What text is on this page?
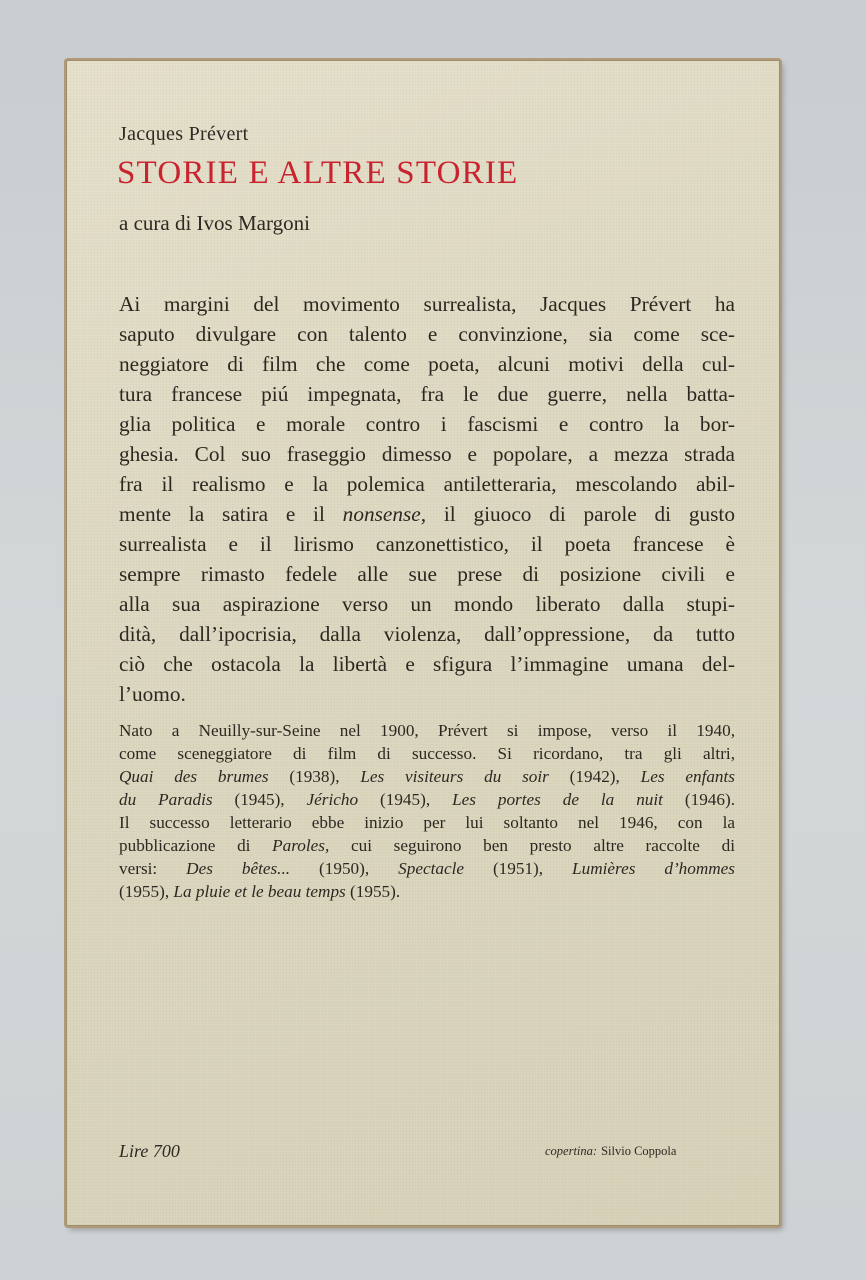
Jacques Prévert
STORIE E ALTRE STORIE
a cura di Ivos Margoni
Ai margini del movimento surrealista, Jacques Prévert ha
saputo divulgare con talento e convinzione, sia come sce-
neggiatore di film che come poeta, alcuni motivi della cul-
tura francese piú impegnata, fra le due guerre, nella batta-
glia politica e morale contro i fascismi e contro la bor-
ghesia. Col suo fraseggio dimesso e popolare, a mezza strada
fra il realismo e la polemica antiletteraria, mescolando abil-
mente la satira e il nonsense, il giuoco di parole di gusto
surrealista e il lirismo canzonettistico, il poeta francese è
sempre rimasto fedele alle sue prese di posizione civili e
alla sua aspirazione verso un mondo liberato dalla stupi-
dità, dall’ipocrisia, dalla violenza, dall’oppressione, da tutto
ciò che ostacola la libertà e sfigura l’immagine umana del-
l’uomo.
Nato a Neuilly-sur-Seine nel 1900, Prévert si impose, verso il 1940,
come sceneggiatore di film di successo. Si ricordano, tra gli altri,
Quai des brumes (1938), Les visiteurs du soir (1942), Les enfants
du Paradis (1945), Jéricho (1945), Les portes de la nuit (1946).
Il successo letterario ebbe inizio per lui soltanto nel 1946, con la
pubblicazione di Paroles, cui seguirono ben presto altre raccolte di
versi: Des bêtes... (1950), Spectacle (1951), Lumières d’hommes
(1955), La pluie et le beau temps (1955).
Lire 700	copertina: Silvio Coppola
